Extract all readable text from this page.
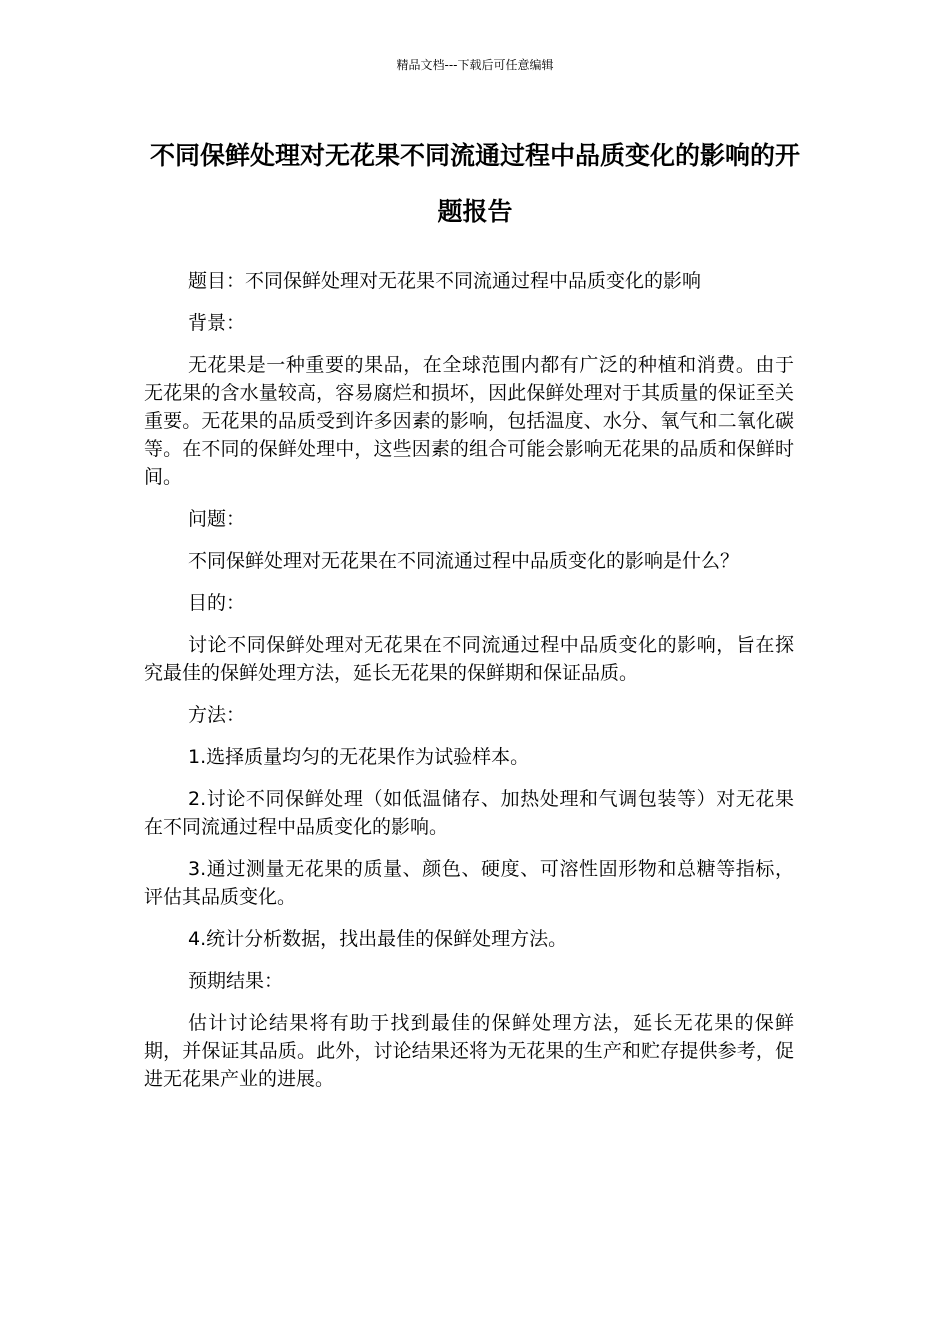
精品文档---下载后可任意编辑
不同保鲜处理对无花果不同流通过程中品质变化的影响的开题报告

题目：不同保鲜处理对无花果不同流通过程中品质变化的影响

背景：

无花果是一种重要的果品，在全球范围内都有广泛的种植和消费。由于无花果的含水量较高，容易腐烂和损坏，因此保鲜处理对于其质量的保证至关重要。无花果的品质受到许多因素的影响，包括温度、水分、氧气和二氧化碳等。在不同的保鲜处理中，这些因素的组合可能会影响无花果的品质和保鲜时间。

问题：

不同保鲜处理对无花果在不同流通过程中品质变化的影响是什么？

目的：

讨论不同保鲜处理对无花果在不同流通过程中品质变化的影响，旨在探究最佳的保鲜处理方法，延长无花果的保鲜期和保证品质。

方法：

1.选择质量均匀的无花果作为试验样本。

2.讨论不同保鲜处理（如低温储存、加热处理和气调包装等）对无花果在不同流通过程中品质变化的影响。

3.通过测量无花果的质量、颜色、硬度、可溶性固形物和总糖等指标，评估其品质变化。

4.统计分析数据，找出最佳的保鲜处理方法。

预期结果：

估计讨论结果将有助于找到最佳的保鲜处理方法，延长无花果的保鲜期，并保证其品质。此外，讨论结果还将为无花果的生产和贮存提供参考，促进无花果产业的进展。
